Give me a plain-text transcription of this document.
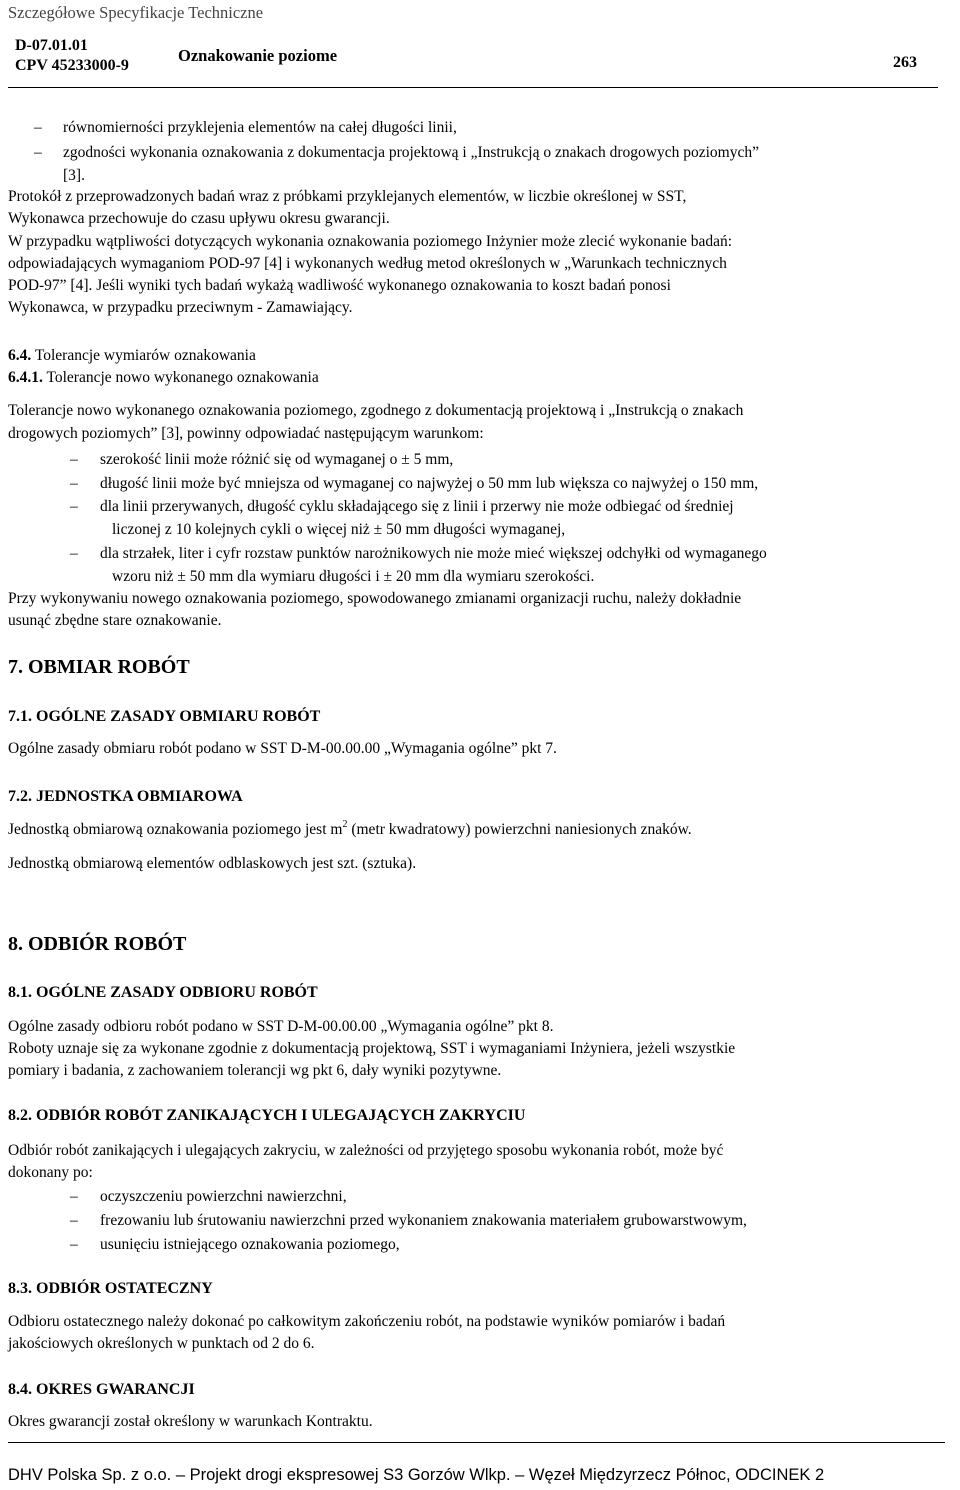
Szczegółowe Specyfikacje Techniczne
D-07.01.01
CPV 45233000-9
Oznakowanie poziome	263
– równomierności przyklejenia elementów na całej długości linii,
– zgodności wykonania oznakowania z dokumentacja projektową i „Instrukcją o znakach drogowych poziomych”
[3].
Protokół z przeprowadzonych badań wraz z próbkami przyklejanych elementów, w liczbie określonej w SST,
Wykonawca przechowuje do czasu upływu okresu gwarancji.
W przypadku wątpliwości dotyczących wykonania oznakowania poziomego Inżynier może zlecić wykonanie badań:
odpowiadających wymaganiom POD-97 [4] i wykonanych według metod określonych w „Warunkach technicznych
POD-97” [4]. Jeśli wyniki tych badań wykażą wadliwość wykonanego oznakowania to koszt badań ponosi
Wykonawca, w przypadku przeciwnym - Zamawiający.
6.4. Tolerancje wymiarów oznakowania
6.4.1. Tolerancje nowo wykonanego oznakowania
Tolerancje nowo wykonanego oznakowania poziomego, zgodnego z dokumentacją projektową i „Instrukcją o znakach
drogowych poziomych” [3], powinny odpowiadać następującym warunkom:
– szerokość linii może różnić się od wymaganej o ± 5 mm,
– długość linii może być mniejsza od wymaganej co najwyżej o 50 mm lub większa co najwyżej o 150 mm,
– dla linii przerywanych, długość cyklu składającego się z linii i przerwy nie może odbiegać od średniej
liczonej z 10 kolejnych cykli o więcej niż ± 50 mm długości wymaganej,
– dla strzałek, liter i cyfr rozstaw punktów narożnikowych nie może mieć większej odchyłki od wymaganego
wzoru niż ± 50 mm dla wymiaru długości i ± 20 mm dla wymiaru szerokości.
Przy wykonywaniu nowego oznakowania poziomego, spowodowanego zmianami organizacji ruchu, należy dokładnie
usunąć zbędne stare oznakowanie.
7. OBMIAR ROBÓT
7.1. OGÓLNE ZASADY OBMIARU ROBÓT
Ogólne zasady obmiaru robót podano w SST D-M-00.00.00 „Wymagania ogólne” pkt 7.
7.2. JEDNOSTKA OBMIAROWA
Jednostką obmiarową oznakowania poziomego jest $m^2$ (metr kwadratowy) powierzchni naniesionych znaków.
Jednostką obmiarową elementów odblaskowych jest szt. (sztuka).
8. ODBIÓR ROBÓT
8.1. OGÓLNE ZASADY ODBIORU ROBÓT
Ogólne zasady odbioru robót podano w SST D-M-00.00.00 „Wymagania ogólne” pkt 8.
Roboty uznaje się za wykonane zgodnie z dokumentacją projektową, SST i wymaganiami Inżyniera, jeżeli wszystkie
pomiary i badania, z zachowaniem tolerancji wg pkt 6, dały wyniki pozytywne.
8.2. ODBIÓR ROBÓT ZANIKAJĄCYCH I ULEGAJĄCYCH ZAKRYCIU
Odbiór robót zanikających i ulegających zakryciu, w zależności od przyjętego sposobu wykonania robót, może być
dokonany po:
– oczyszczeniu powierzchni nawierzchni,
– frezowaniu lub śrutowaniu nawierzchni przed wykonaniem znakowania materiałem grubowarstwowym,
– usunięciu istniejącego oznakowania poziomego,
8.3. ODBIÓR OSTATECZNY
Odbioru ostatecznego należy dokonać po całkowitym zakończeniu robót, na podstawie wyników pomiarów i badań
jakościowych określonych w punktach od 2 do 6.
8.4. OKRES GWARANCJI
Okres gwarancji został określony w warunkach Kontraktu.
DHV Polska Sp. z o.o. – Projekt drogi ekspresowej S3 Gorzów Wlkp. – Węzeł Międzyrzecz Północ, ODCINEK 2
